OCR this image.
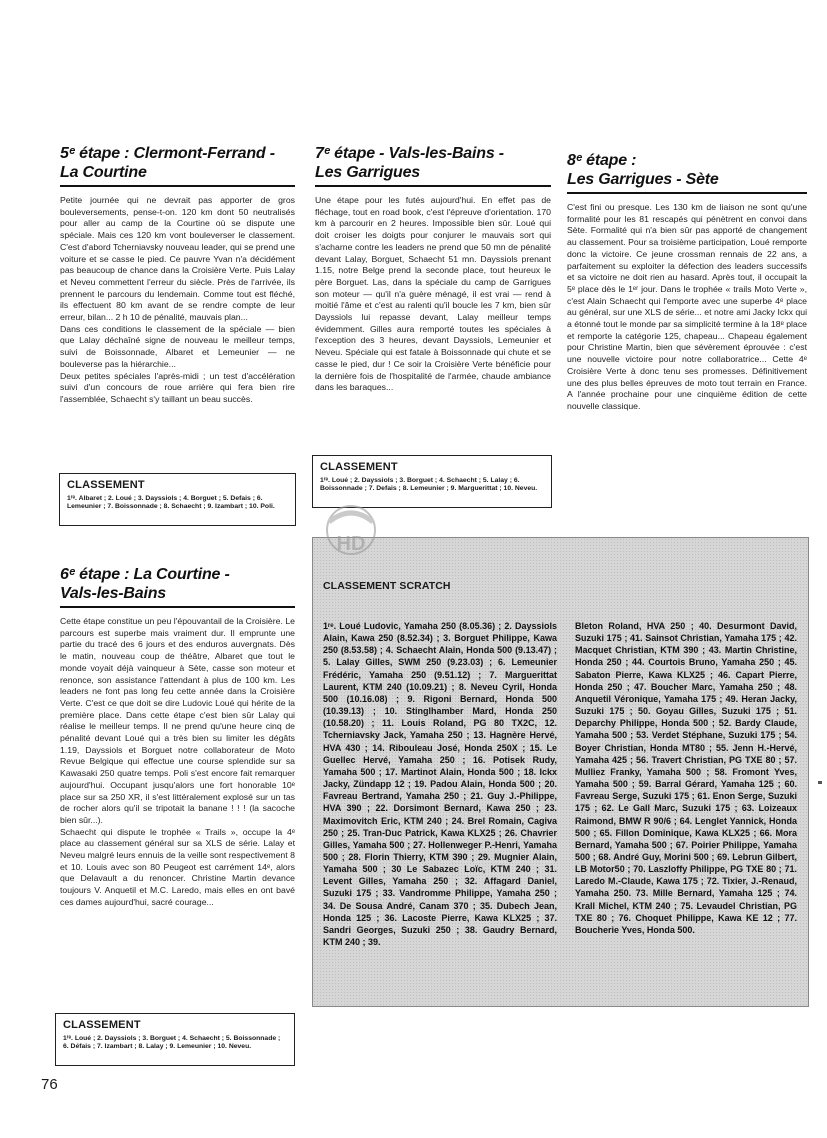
5ᵉ étape : Clermont-Ferrand -
La Courtine

Petite journée qui ne devrait pas apporter de gros bouleversements, pense-t-on. 120 km dont 50 neutralisés pour aller au camp de la Courtine où se dispute une spéciale. Mais ces 120 km vont bouleverser le classement. C'est d'abord Tcherniavsky nouveau leader, qui se prend une voiture et se casse le pied. Ce pauvre Yvan n'a décidément pas beaucoup de chance dans la Croisière Verte. Puis Lalay et Neveu commettent l'erreur du siècle. Près de l'arrivée, ils prennent le parcours du lendemain. Comme tout est fléché, ils effectuent 80 km avant de se rendre compte de leur erreur, bilan... 2 h 10 de pénalité, mauvais plan...
Dans ces conditions le classement de la spéciale — bien que Lalay déchaîné signe de nouveau le meilleur temps, suivi de Boissonnade, Albaret et Lemeunier — ne bouleverse pas la hiérarchie...
Deux petites spéciales l'après-midi ; un test d'accélération suivi d'un concours de roue arrière qui fera bien rire l'assemblée, Schaecht s'y taillant un beau succès.

CLASSEMENT

1ʳᵉ. Albaret ; 2. Loué ; 3. Dayssiols ; 4. Borguet ; 5. Defais ; 6. Lemeunier ; 7. Boissonnade ; 8. Schaecht ; 9. Izambart ; 10. Poli.

6ᵉ étape : La Courtine -
Vals-les-Bains

Cette étape constitue un peu l'épouvantail de la Croisière. Le parcours est superbe mais vraiment dur. Il emprunte une partie du tracé des 6 jours et des enduros auvergnats. Dès le matin, nouveau coup de théâtre, Albaret que tout le monde voyait déjà vainqueur à Sète, casse son moteur et renonce, son assistance l'attendant à plus de 100 km. Les leaders ne font pas long feu cette année dans la Croisière Verte. C'est ce que doit se dire Ludovic Loué qui hérite de la première place. Dans cette étape c'est bien sûr Lalay qui réalise le meilleur temps. Il ne prend qu'une heure cinq de pénalité devant Loué qui a très bien su limiter les dégâts 1.19, Dayssiols et Borguet notre collaborateur de Moto Revue Belgique qui effectue une course splendide sur sa Kawasaki 250 quatre temps. Poli s'est encore fait remarquer aujourd'hui. Occupant jusqu'alors une fort honorable 10ᵉ place sur sa 250 XR, il s'est littéralement explosé sur un tas de rocher alors qu'il se tripotait la banane ! ! ! (la sacoche bien sûr...).
Schaecht qui dispute le trophée « Trails », occupe la 4ᵉ place au classement général sur sa XLS de série. Lalay et Neveu malgré leurs ennuis de la veille sont respectivement 8 et 10. Louis avec son 80 Peugeot est carrément 14ᵉ, alors que Delavault a du renoncer. Christine Martin devance toujours V. Anquetil et M.C. Laredo, mais elles en ont bavé ces dames aujourd'hui, sacré courage...

CLASSEMENT

1ʳᵉ. Loué ; 2. Dayssiols ; 3. Borguet ; 4. Schaecht ; 5. Boissonnade ; 6. Défais ; 7. Izambart ; 8. Lalay ; 9. Lemeunier ; 10. Neveu.

7ᵉ étape - Vals-les-Bains -
Les Garrigues

Une étape pour les futés aujourd'hui. En effet pas de fléchage, tout en road book, c'est l'épreuve d'orientation. 170 km à parcourir en 2 heures. Impossible bien sûr. Loué qui doit croiser les doigts pour conjurer le mauvais sort qui s'acharne contre les leaders ne prend que 50 mn de pénalité devant Lalay, Borguet, Schaecht 51 mn. Dayssiols prenant 1.15, notre Belge prend la seconde place, tout heureux le père Borguet. Las, dans la spéciale du camp de Garrigues son moteur — qu'il n'a guère ménagé, il est vrai — rend à moitié l'âme et c'est au ralenti qu'il boucle les 7 km, bien sûr Dayssiols lui repasse devant, Lalay meilleur temps évidemment. Gilles aura remporté toutes les spéciales à l'exception des 3 heures, devant Dayssiols, Lemeunier et Neveu. Spéciale qui est fatale à Boissonnade qui chute et se casse le pied, dur ! Ce soir la Croisière Verte bénéficie pour la dernière fois de l'hospitalité de l'armée, chaude ambiance dans les baraques...

CLASSEMENT

1ʳᵉ. Loué ; 2. Dayssiols ; 3. Borguet ; 4. Schaecht ; 5. Lalay ; 6. Boissonnade ; 7. Defais ; 8. Lemeunier ; 9. Marguerittat ; 10. Neveu.

8ᵉ étape :
Les Garrigues - Sète

C'est fini ou presque. Les 130 km de liaison ne sont qu'une formalité pour les 81 rescapés qui pénètrent en convoi dans Sète. Formalité qui n'a bien sûr pas apporté de changement au classement. Pour sa troisième participation, Loué remporte donc la victoire. Ce jeune crossman rennais de 22 ans, a parfaitement su exploiter la défection des leaders successifs et sa victoire ne doit rien au hasard. Après tout, il occupait la 5ᵉ place dès le 1ᵉʳ jour. Dans le trophée « trails Moto Verte », c'est Alain Schaecht qui l'emporte avec une superbe 4ᵉ place au général, sur une XLS de série... et notre ami Jacky Ickx qui a étonné tout le monde par sa simplicité termine à la 18ᵉ place et remporte la catégorie 125, chapeau... Chapeau également pour Christine Martin, bien que sévèrement éprouvée : c'est une nouvelle victoire pour notre collaboratrice... Cette 4ᵉ Croisière Verte à donc tenu ses promesses. Définitivement une des plus belles épreuves de moto tout terrain en France. A l'année prochaine pour une cinquième édition de cette nouvelle classique.

CLASSEMENT SCRATCH

1ʳᵉ. Loué Ludovic, Yamaha 250 (8.05.36) ; 2. Dayssiols Alain, Kawa 250 (8.52.34) ; 3. Borguet Philippe, Kawa 250 (8.53.58) ; 4. Schaecht Alain, Honda 500 (9.13.47) ; 5. Lalay Gilles, SWM 250 (9.23.03) ; 6. Lemeunier Frédéric, Yamaha 250 (9.51.12) ; 7. Marguerittat Laurent, KTM 240 (10.09.21) ; 8. Neveu Cyril, Honda 500 (10.16.08) ; 9. Rigoni Bernard, Honda 500 (10.39.13) ; 10. Stinglhamber Mard, Honda 250 (10.58.20) ; 11. Louis Roland, PG 80 TX2C, 12. Tcherniavsky Jack, Yamaha 250 ; 13. Hagnère Hervé, HVA 430 ; 14. Ribouleau José, Honda 250X ; 15. Le Guellec Hervé, Yamaha 250 ; 16. Potisek Rudy, Yamaha 500 ; 17. Martinot Alain, Honda 500 ; 18. Ickx Jacky, Zündapp 12 ; 19. Padou Alain, Honda 500 ; 20. Favreau Bertrand, Yamaha 250 ; 21. Guy J.-Philippe, HVA 390 ; 22. Dorsimont Bernard, Kawa 250 ; 23. Maximovitch Eric, KTM 240 ; 24. Brel Romain, Cagiva 250 ; 25. Tran-Duc Patrick, Kawa KLX25 ; 26. Chavrier Gilles, Yamaha 500 ; 27. Hollenweger P.-Henri, Yamaha 500 ; 28. Florin Thierry, KTM 390 ; 29. Mugnier Alain, Yamaha 500 ; 30 Le Sabazec Loïc, KTM 240 ; 31. Levent Gilles, Yamaha 250 ; 32. Affagard Daniel, Suzuki 175 ; 33. Vandromme Philippe, Yamaha 250 ; 34. De Sousa André, Canam 370 ; 35. Dubech Jean, Honda 125 ; 36. Lacoste Pierre, Kawa KLX25 ; 37. Sandri Georges, Suzuki 250 ; 38. Gaudry Bernard, KTM 240 ; 39.

Bleton Roland, HVA 250 ; 40. Desurmont David, Suzuki 175 ; 41. Sainsot Christian, Yamaha 175 ; 42. Macquet Christian, KTM 390 ; 43. Martin Christine, Honda 250 ; 44. Courtois Bruno, Yamaha 250 ; 45. Sabaton Pierre, Kawa KLX25 ; 46. Capart Pierre, Honda 250 ; 47. Boucher Marc, Yamaha 250 ; 48. Anquetil Véronique, Yamaha 175 ; 49. Heran Jacky, Suzuki 175 ; 50. Goyau Gilles, Suzuki 175 ; 51. Deparchy Philippe, Honda 500 ; 52. Bardy Claude, Yamaha 500 ; 53. Verdet Stéphane, Suzuki 175 ; 54. Boyer Christian, Honda MT80 ; 55. Jenn H.-Hervé, Yamaha 425 ; 56. Travert Christian, PG TXE 80 ; 57. Mulliez Franky, Yamaha 500 ; 58. Fromont Yves, Yamaha 500 ; 59. Barral Gérard, Yamaha 125 ; 60. Favreau Serge, Suzuki 175 ; 61. Enon Serge, Suzuki 175 ; 62. Le Gall Marc, Suzuki 175 ; 63. Loizeaux Raimond, BMW R 90/6 ; 64. Lenglet Yannick, Honda 500 ; 65. Fillon Dominique, Kawa KLX25 ; 66. Mora Bernard, Yamaha 500 ; 67. Poirier Philippe, Yamaha 500 ; 68. André Guy, Morini 500 ; 69. Lebrun Gilbert, LB Motor50 ; 70. Laszloffy Philippe, PG TXE 80 ; 71. Laredo M.-Claude, Kawa 175 ; 72. Tixier, J.-Renaud, Yamaha 250. 73. Mille Bernard, Yamaha 125 ; 74. Krall Michel, KTM 240 ; 75. Levaudel Christian, PG TXE 80 ; 76. Choquet Philippe, Kawa KE 12 ; 77. Boucherie Yves, Honda 500.

HD

76
